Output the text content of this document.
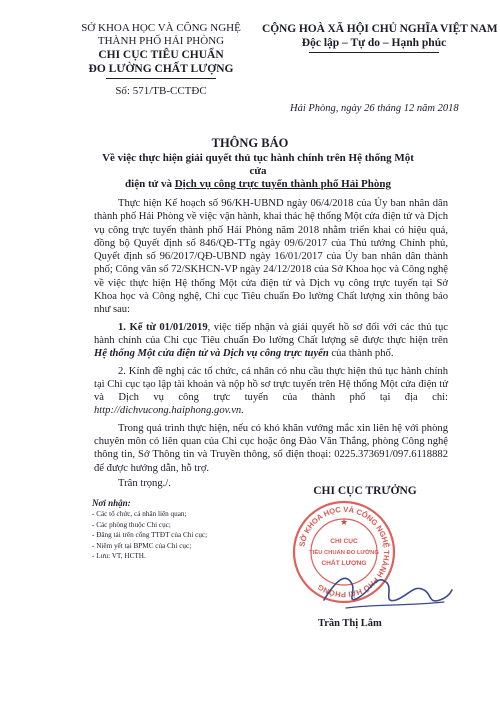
SỞ KHOA HỌC VÀ CÔNG NGHỆ
THÀNH PHỐ HẢI PHÒNG
CHI CỤC TIÊU CHUẨN
ĐO LƯỜNG CHẤT LƯỢNG
Số: 571/TB-CCTĐC
CỘNG HOÀ XÃ HỘI CHỦ NGHĨA VIỆT NAM
Độc lập – Tự do – Hạnh phúc
Hải Phòng, ngày 26 tháng 12 năm 2018
THÔNG BÁO
Về việc thực hiện giải quyết thủ tục hành chính trên Hệ thống Một cửa
điện tử và Dịch vụ công trực tuyến thành phố Hải Phòng

Thực hiện Kế hoạch số 96/KH-UBND ngày 06/4/2018 của Ủy ban nhân dân thành phố Hải Phòng về việc vận hành, khai thác hệ thống Một cửa điện tử và Dịch vụ công trực tuyến thành phố Hải Phòng năm 2018 nhằm triển khai có hiệu quả, đồng bộ Quyết định số 846/QĐ-TTg ngày 09/6/2017 của Thủ tướng Chính phủ, Quyết định số 96/2017/QĐ-UBND ngày 16/01/2017 của Ủy ban nhân dân thành phố; Công văn số 72/SKHCN-VP ngày 24/12/2018 của Sở Khoa học và Công nghệ về việc thực hiện Hệ thống Một cửa điện tử và Dịch vụ công trực tuyến tại Sở Khoa học và Công nghệ, Chi cục Tiêu chuẩn Đo lường Chất lượng xin thông báo như sau:

1. Kể từ 01/01/2019, việc tiếp nhận và giải quyết hồ sơ đối với các thủ tục hành chính của Chi cục Tiêu chuẩn Đo lường Chất lượng sẽ được thực hiện trên Hệ thống Một cửa điện tử và Dịch vụ công trực tuyến của thành phố.

2. Kính đề nghị các tổ chức, cá nhân có nhu cầu thực hiện thủ tục hành chính tại Chi cục tạo lập tài khoản và nộp hồ sơ trực tuyến trên Hệ thống Một cửa điện tử và Dịch vụ công trực tuyến của thành phố tại địa chi: http://dichvucong.haiphong.gov.vn.

Trong quá trình thực hiện, nếu có khó khăn vướng mắc xin liên hệ với phòng chuyên môn có liên quan của Chi cục hoặc ông Đào Văn Thắng, phòng Công nghệ thông tin, Sở Thông tin và Truyền thông, số điện thoại: 0225.373691/097.6118882 để được hướng dẫn, hỗ trợ.

Trân trọng./.
Nơi nhận:
- Các tổ chức, cá nhân liên quan;
- Các phòng thuộc Chi cục;
- Đăng tải trên cổng TTĐT của Chi cục;
- Niêm yết tại BPMC của Chi cục;
- Lưu: VT, HCTH.
CHI CỤC TRƯỞNG
SỞ KHOA HỌC VÀ CÔNG NGHỆ THÀNH PHỐ HẢI PHÒNG
CHI CỤC
TIÊU CHUẨN ĐO LƯỜNG
CHẤT LƯỢNG
★
Trần Thị Lâm
